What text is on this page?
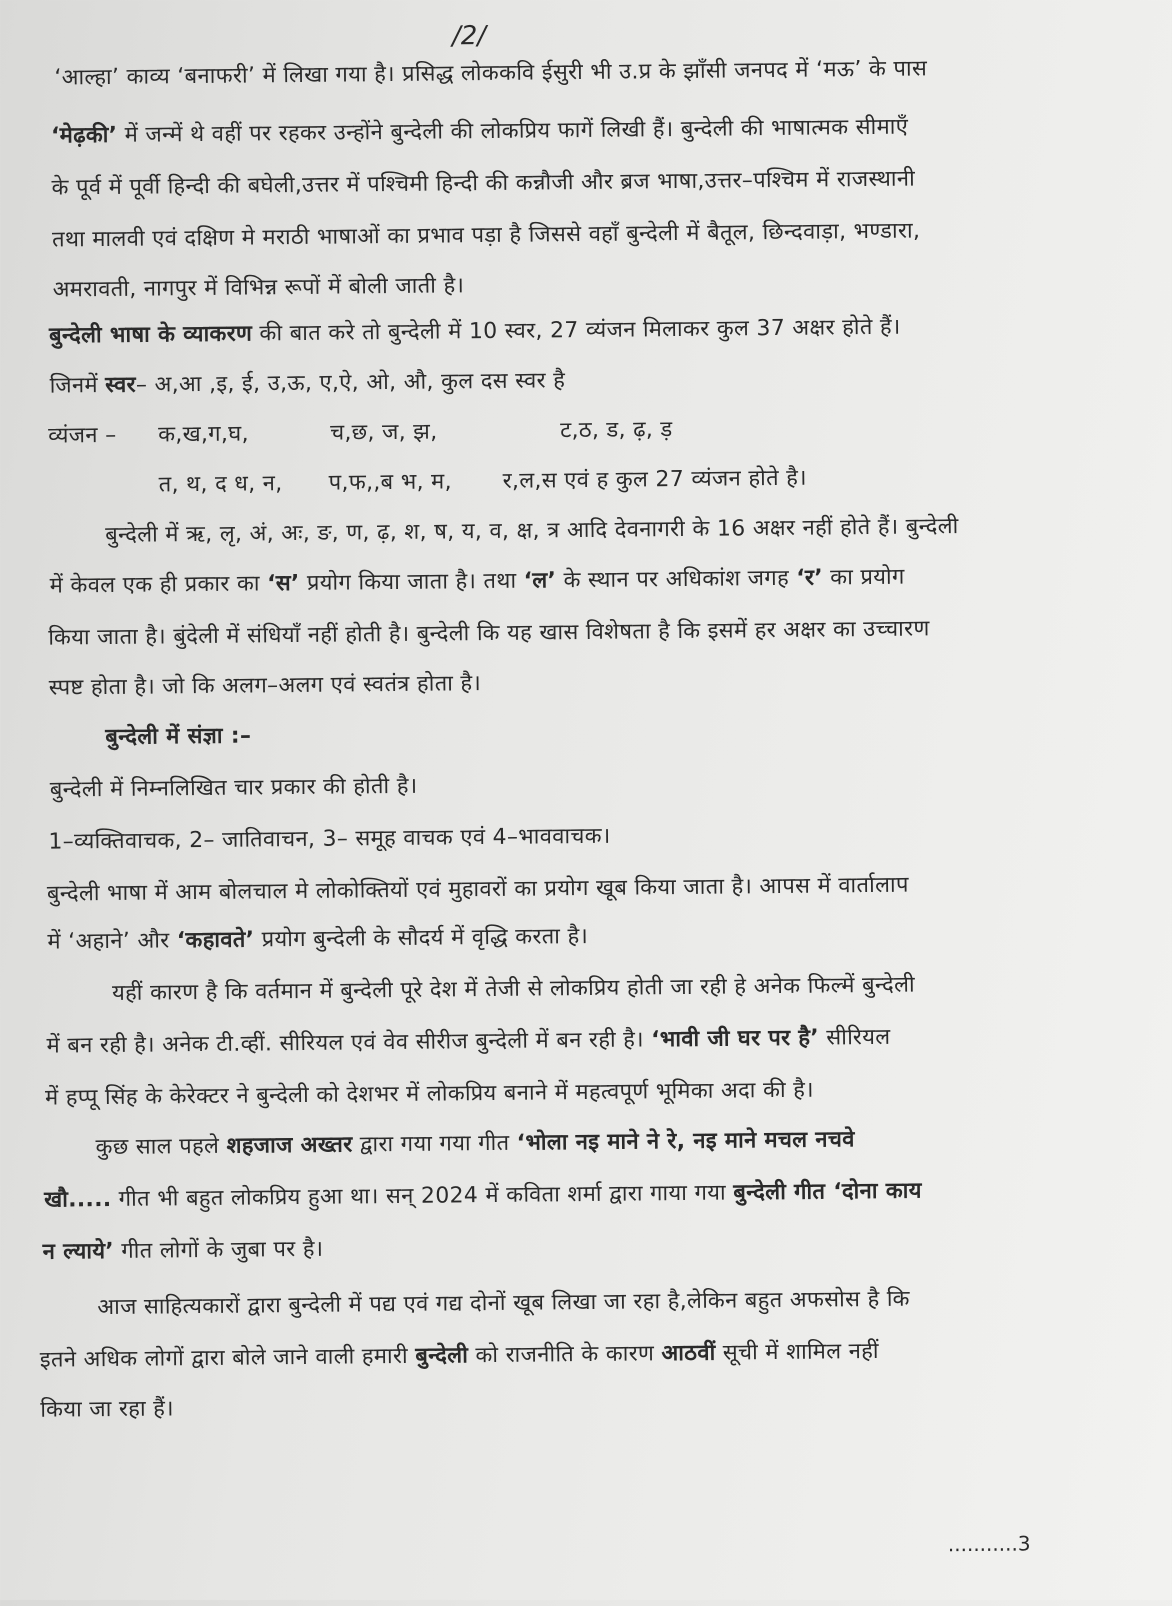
/2/
‘आल्हा’ काव्य ‘बनाफरी’ में लिखा गया है। प्रसिद्ध लोककवि ईसुरी भी उ.प्र के झाँसी जनपद में ‘मऊ’ के पास
‘मेढ़की’ में जन्में थे वहीं पर रहकर उन्होंने बुन्देली की लोकप्रिय फागें लिखी हैं। बुन्देली की भाषात्मक सीमाएँ
के पूर्व में पूर्वी हिन्दी की बघेली,उत्तर में पश्चिमी हिन्दी की कन्नौजी और ब्रज भाषा,उत्तर–पश्चिम में राजस्थानी
तथा मालवी एवं दक्षिण मे मराठी भाषाओं का प्रभाव पड़ा है जिससे वहाँ बुन्देली में बैतूल, छिन्दवाड़ा, भण्डारा,
अमरावती, नागपुर में विभिन्न रूपों में बोली जाती है।
बुन्देली भाषा के व्याकरण की बात करे तो बुन्देली में 10 स्वर, 27 व्यंजन मिलाकर कुल 37 अक्षर होते हैं।
जिनमें स्वर– अ,आ ,इ, ई, उ,ऊ, ए,ऐ, ओ, औ, कुल दस स्वर है
व्यंजन – क,ख,ग,घ,	च,छ, ज, झ,	ट,ठ, ड, ढ़, ड़
त, थ, द ध, न, प,फ,,ब भ, म, र,ल,स एवं ह कुल 27 व्यंजन होते है।
बुन्देली में ऋ, लृ, अं, अः, ङ, ण, ढ़, श, ष, य, व, क्ष, त्र आदि देवनागरी के 16 अक्षर नहीं होते हैं। बुन्देली
में केवल एक ही प्रकार का ‘स’ प्रयोग किया जाता है। तथा ‘ल’ के स्थान पर अधिकांश जगह ‘र’ का प्रयोग
किया जाता है। बुंदेली में संधियाँ नहीं होती है। बुन्देली कि यह खास विशेषता है कि इसमें हर अक्षर का उच्चारण
स्पष्ट होता है। जो कि अलग–अलग एवं स्वतंत्र होता है।
बुन्देली में संज्ञा :–
बुन्देली में निम्नलिखित चार प्रकार की होती है।
1–व्यक्तिवाचक, 2– जातिवाचन, 3– समूह वाचक एवं 4–भाववाचक।
बुन्देली भाषा में आम बोलचाल मे लोकोक्तियों एवं मुहावरों का प्रयोग खूब किया जाता है। आपस में वार्तालाप
में ‘अहाने’ और ‘कहावते’ प्रयोग बुन्देली के सौदर्य में वृद्धि करता है।
यहीं कारण है कि वर्तमान में बुन्देली पूरे देश में तेजी से लोकप्रिय होती जा रही हे अनेक फिल्में बुन्देली
में बन रही है। अनेक टी.व्हीं. सीरियल एवं वेव सीरीज बुन्देली में बन रही है। ‘भावी जी घर पर है’ सीरियल
में हप्पू सिंह के केरेक्टर ने बुन्देली को देशभर में लोकप्रिय बनाने में महत्वपूर्ण भूमिका अदा की है।
कुछ साल पहले शहजाज अख्तर द्वारा गया गया गीत ‘भोला नइ माने ने रे, नइ माने मचल नचवे
खौ..... गीत भी बहुत लोकप्रिय हुआ था। सन् 2024 में कविता शर्मा द्वारा गाया गया बुन्देली गीत ‘दोना काय
न ल्याये’ गीत लोगों के जुबा पर है।
आज साहित्यकारों द्वारा बुन्देली में पद्य एवं गद्य दोनों खूब लिखा जा रहा है,लेकिन बहुत अफसोस है कि
इतने अधिक लोगों द्वारा बोले जाने वाली हमारी बुन्देली को राजनीति के कारण आठवीं सूची में शामिल नहीं
किया जा रहा हैं।
...........3
